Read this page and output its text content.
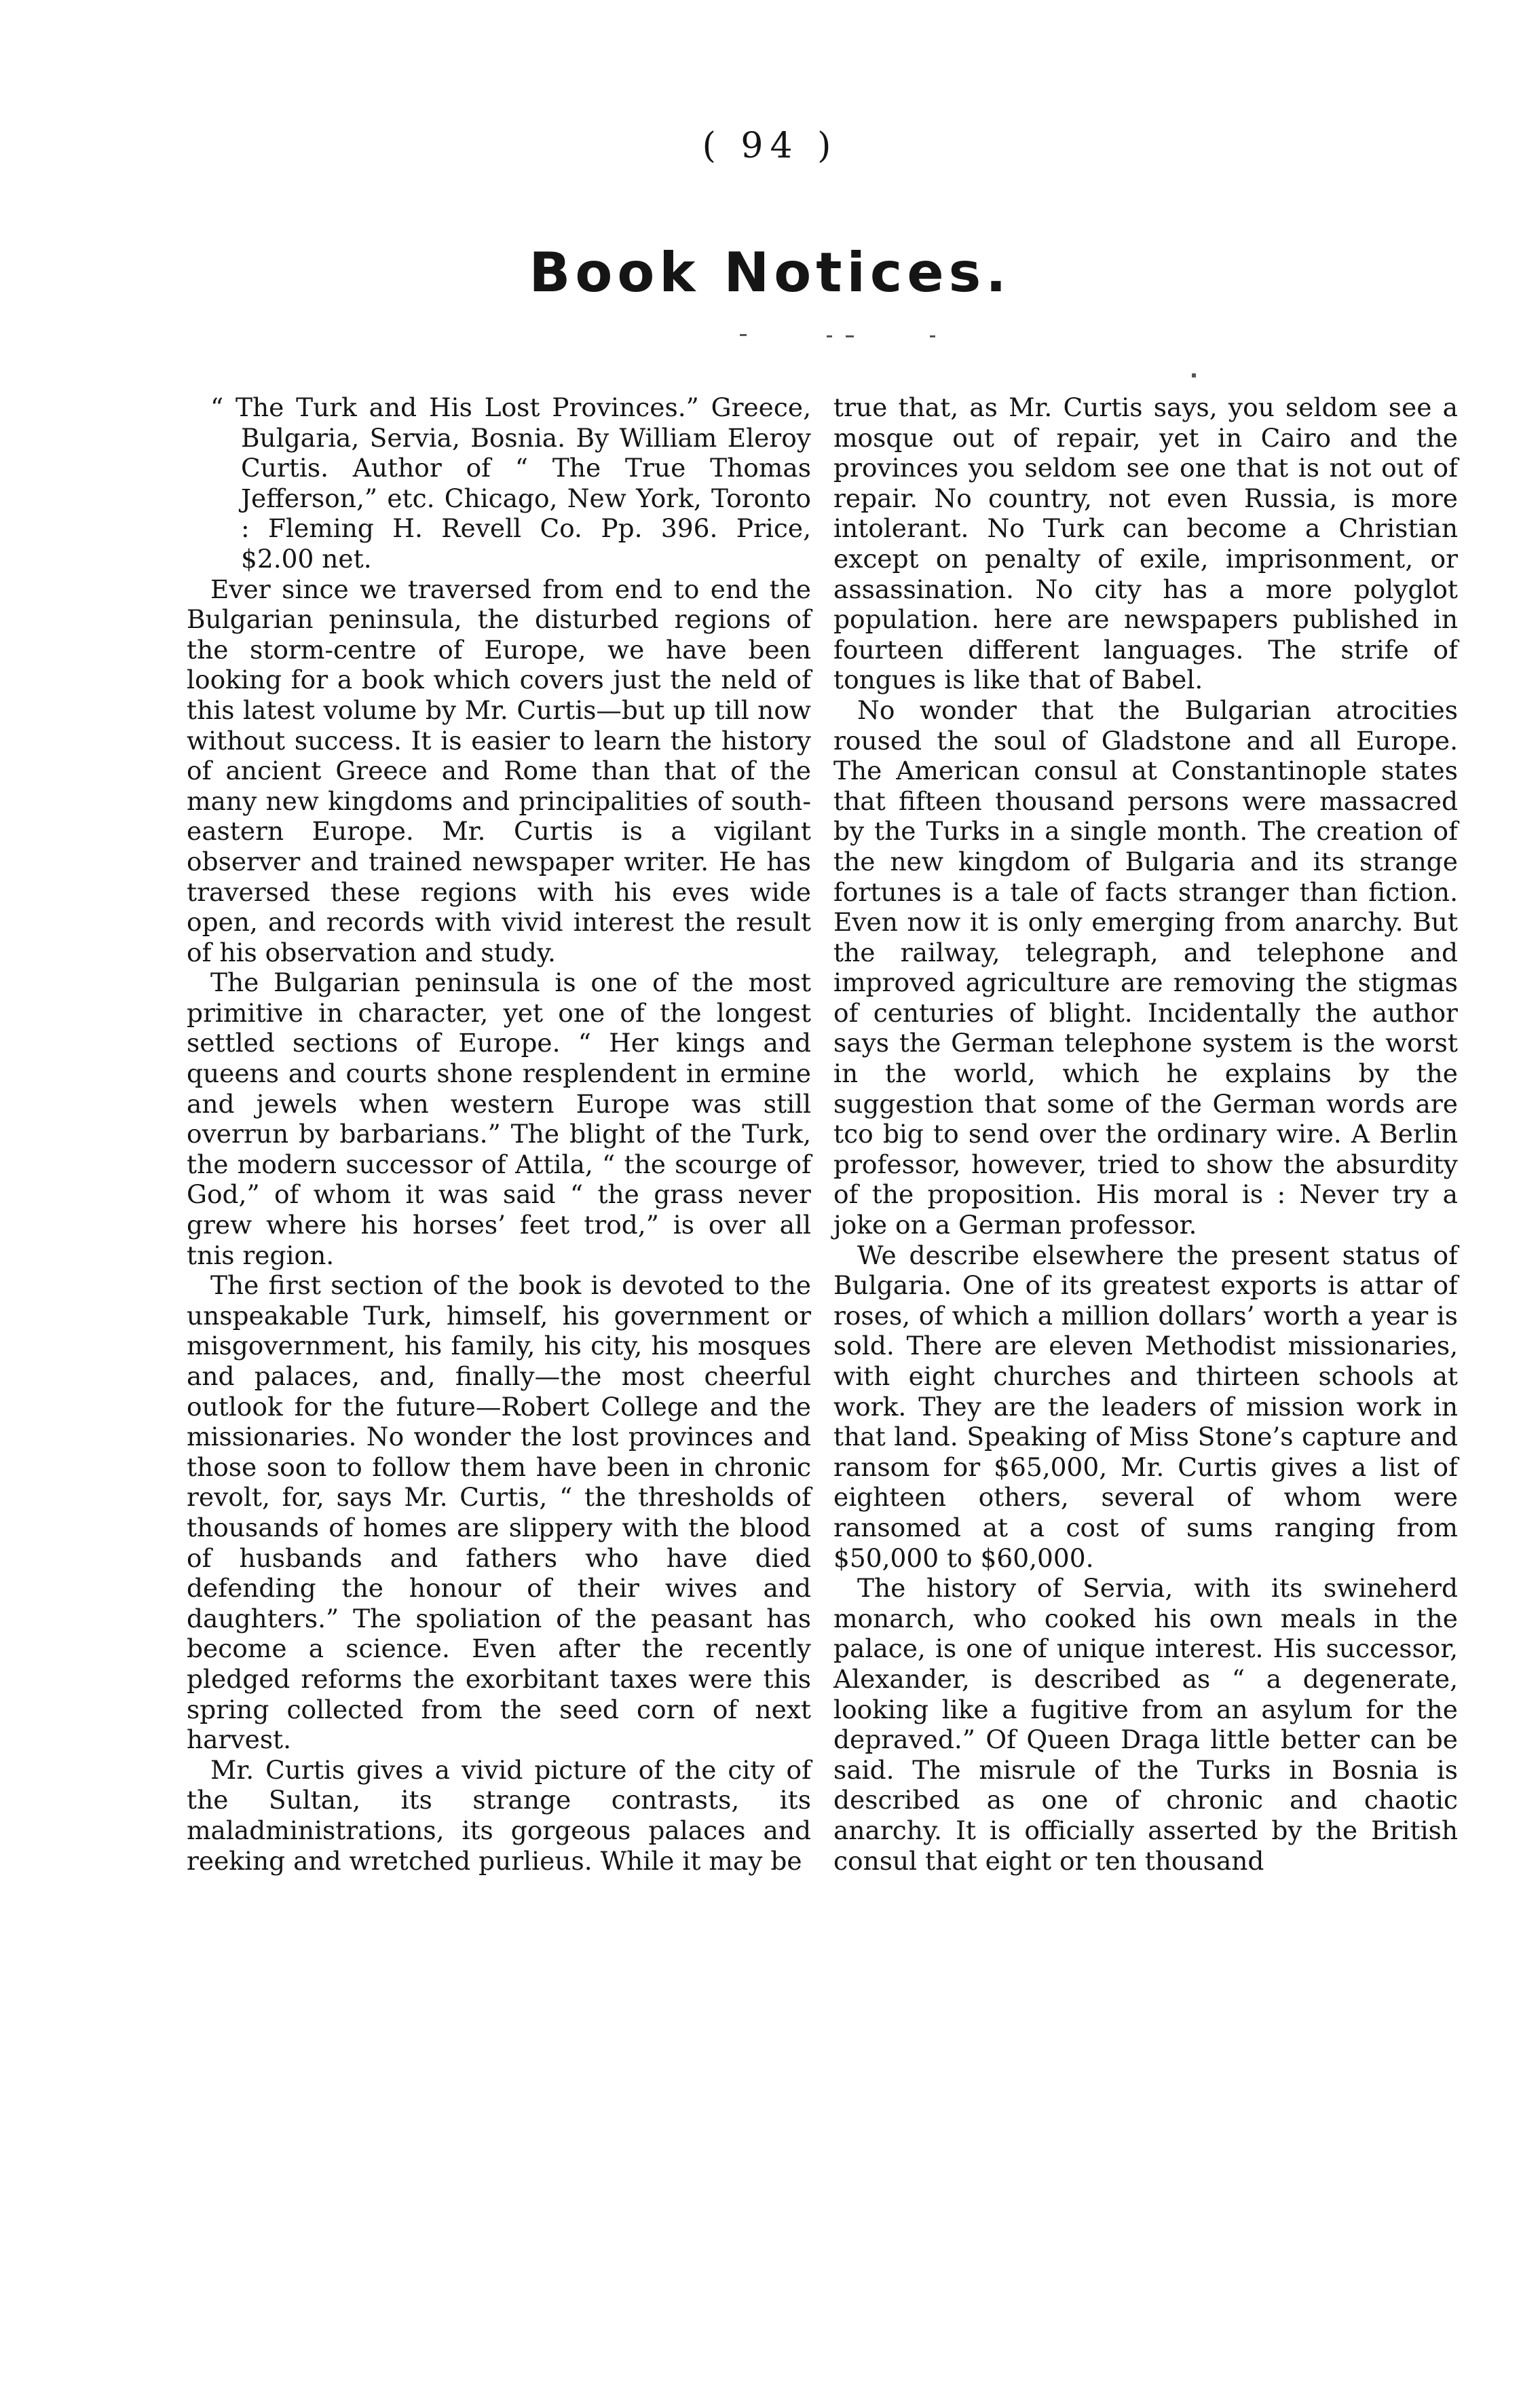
( 94 )
Book Notices.

“ The Turk and His Lost Provinces.” Greece, Bulgaria, Servia, Bosnia. By William Eleroy Curtis. Author of “ The True Thomas Jefferson,” etc. Chicago, New York, Toronto : Fleming H. Revell Co. Pp. 396. Price, $2.00 net.

Ever since we traversed from end to end the Bulgarian peninsula, the disturbed regions of the storm-centre of Europe, we have been looking for a book which covers just the neld of this latest volume by Mr. Curtis—but up till now without success. It is easier to learn the history of ancient Greece and Rome than that of the many new kingdoms and principalities of south-eastern Europe. Mr. Curtis is a vigilant observer and trained newspaper writer. He has traversed these regions with his eves wide open, and records with vivid interest the result of his observation and study.

The Bulgarian peninsula is one of the most primitive in character, yet one of the longest settled sections of Europe. “ Her kings and queens and courts shone resplendent in ermine and jewels when western Europe was still overrun by barbarians.” The blight of the Turk, the modern successor of Attila, “ the scourge of God,” of whom it was said “ the grass never grew where his horses’ feet trod,” is over all tnis region.

The first section of the book is devoted to the unspeakable Turk, himself, his government or misgovernment, his family, his city, his mosques and palaces, and, finally—the most cheerful outlook for the future—Robert College and the missionaries. No wonder the lost provinces and those soon to follow them have been in chronic revolt, for, says Mr. Curtis, “ the thresholds of thousands of homes are slippery with the blood of husbands and fathers who have died defending the honour of their wives and daughters.” The spoliation of the peasant has become a science. Even after the recently pledged reforms the exorbitant taxes were this spring collected from the seed corn of next harvest.

Mr. Curtis gives a vivid picture of the city of the Sultan, its strange contrasts, its maladministrations, its gorgeous palaces and reeking and wretched purlieus. While it may be

true that, as Mr. Curtis says, you seldom see a mosque out of repair, yet in Cairo and the provinces you seldom see one that is not out of repair. No country, not even Russia, is more intolerant. No Turk can become a Christian except on penalty of exile, imprisonment, or assassination. No city has a more polyglot population. here are newspapers published in fourteen different languages. The strife of tongues is like that of Babel.

No wonder that the Bulgarian atrocities roused the soul of Gladstone and all Europe. The American consul at Constantinople states that fifteen thousand persons were massacred by the Turks in a single month. The creation of the new kingdom of Bulgaria and its strange fortunes is a tale of facts stranger than fiction. Even now it is only emerging from anarchy. But the railway, telegraph, and telephone and improved agriculture are removing the stigmas of centuries of blight. Incidentally the author says the German telephone system is the worst in the world, which he explains by the suggestion that some of the German words are tco big to send over the ordinary wire. A Berlin professor, however, tried to show the absurdity of the proposition. His moral is : Never try a joke on a German professor.

We describe elsewhere the present status of Bulgaria. One of its greatest exports is attar of roses, of which a million dollars’ worth a year is sold. There are eleven Methodist missionaries, with eight churches and thirteen schools at work. They are the leaders of mission work in that land. Speaking of Miss Stone’s capture and ransom for $65,000, Mr. Curtis gives a list of eighteen others, several of whom were ransomed at a cost of sums ranging from $50,000 to $60,000.

The history of Servia, with its swineherd monarch, who cooked his own meals in the palace, is one of unique interest. His successor, Alexander, is described as “ a degenerate, looking like a fugitive from an asylum for the depraved.” Of Queen Draga little better can be said. The misrule of the Turks in Bosnia is described as one of chronic and chaotic anarchy. It is officially asserted by the British consul that eight or ten thousand
